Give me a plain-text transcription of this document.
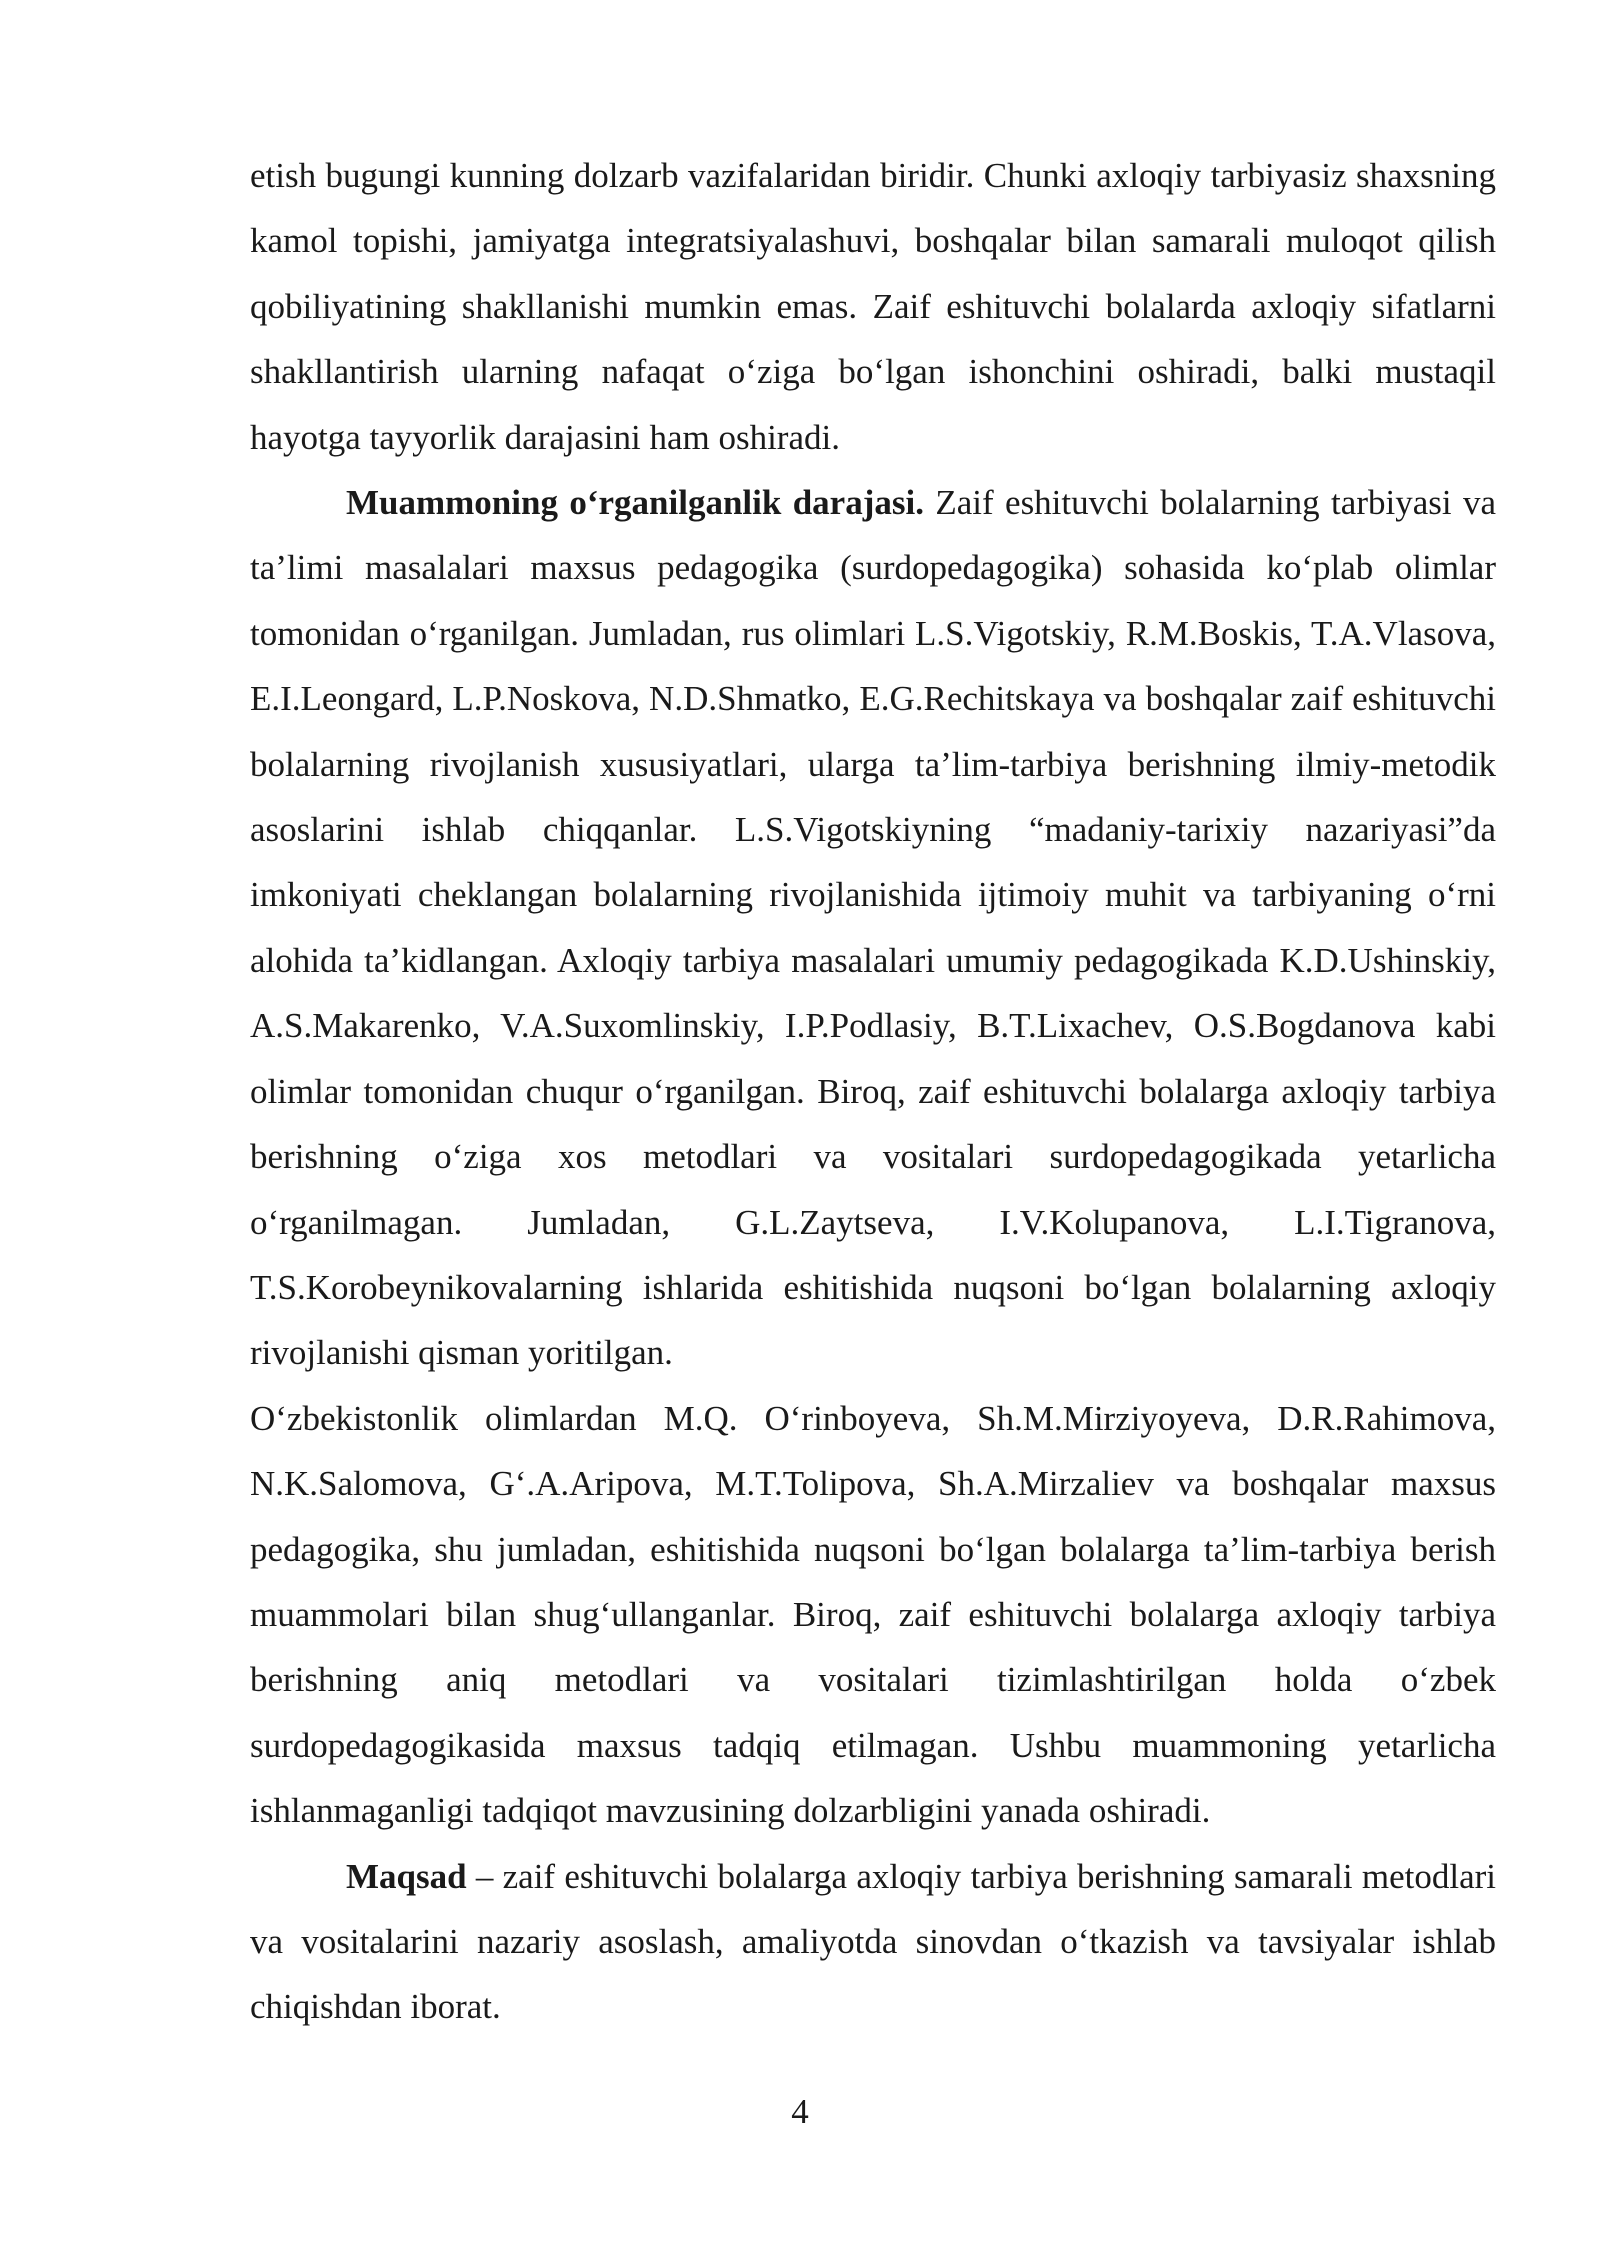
etish bugungi kunning dolzarb vazifalaridan biridir. Chunki axloqiy tarbiyasiz shaxsning kamol topishi, jamiyatga integratsiyalashuvi, boshqalar bilan samarali muloqot qilish qobiliyatining shakllanishi mumkin emas. Zaif eshituvchi bolalarda axloqiy sifatlarni shakllantirish ularning nafaqat o‘ziga bo‘lgan ishonchini oshiradi, balki mustaqil hayotga tayyorlik darajasini ham oshiradi.

Muammoning o‘rganilganlik darajasi. Zaif eshituvchi bolalarning tarbiyasi va ta’limi masalalari maxsus pedagogika (surdopedagogika) sohasida ko‘plab olimlar tomonidan o‘rganilgan. Jumladan, rus olimlari L.S.Vigotskiy, R.M.Boskis, T.A.Vlasova, E.I.Leongard, L.P.Noskova, N.D.Shmatko, E.G.Rechitskaya va boshqalar zaif eshituvchi bolalarning rivojlanish xususiyatlari, ularga ta’lim-tarbiya berishning ilmiy-metodik asoslarini ishlab chiqqanlar. L.S.Vigotskiyning “madaniy-tarixiy nazariyasi”da imkoniyati cheklangan bolalarning rivojlanishida ijtimoiy muhit va tarbiyaning o‘rni alohida ta’kidlangan. Axloqiy tarbiya masalalari umumiy pedagogikada K.D.Ushinskiy, A.S.Makarenko, V.A.Suxomlinskiy, I.P.Podlasiy, B.T.Lixachev, O.S.Bogdanova kabi olimlar tomonidan chuqur o‘rganilgan. Biroq, zaif eshituvchi bolalarga axloqiy tarbiya berishning o‘ziga xos metodlari va vositalari surdopedagogikada yetarlicha o‘rganilmagan. Jumladan, G.L.Zaytseva, I.V.Kolupanova, L.I.Tigranova, T.S.Korobeynikovalarning ishlarida eshitishida nuqsoni bo‘lgan bolalarning axloqiy rivojlanishi qisman yoritilgan.

O‘zbekistonlik olimlardan M.Q. O‘rinboyeva, Sh.M.Mirziyoyeva, D.R.Rahimova, N.K.Salomova, G‘.A.Aripova, M.T.Tolipova, Sh.A.Mirzaliev va boshqalar maxsus pedagogika, shu jumladan, eshitishida nuqsoni bo‘lgan bolalarga ta’lim-tarbiya berish muammolari bilan shug‘ullanganlar. Biroq, zaif eshituvchi bolalarga axloqiy tarbiya berishning aniq metodlari va vositalari tizimlashtirilgan holda o‘zbek surdopedagogikasida maxsus tadqiq etilmagan. Ushbu muammoning yetarlicha ishlanmaganligi tadqiqot mavzusining dolzarbligini yanada oshiradi.

Maqsad – zaif eshituvchi bolalarga axloqiy tarbiya berishning samarali metodlari va vositalarini nazariy asoslash, amaliyotda sinovdan o‘tkazish va tavsiyalar ishlab chiqishdan iborat.

4
